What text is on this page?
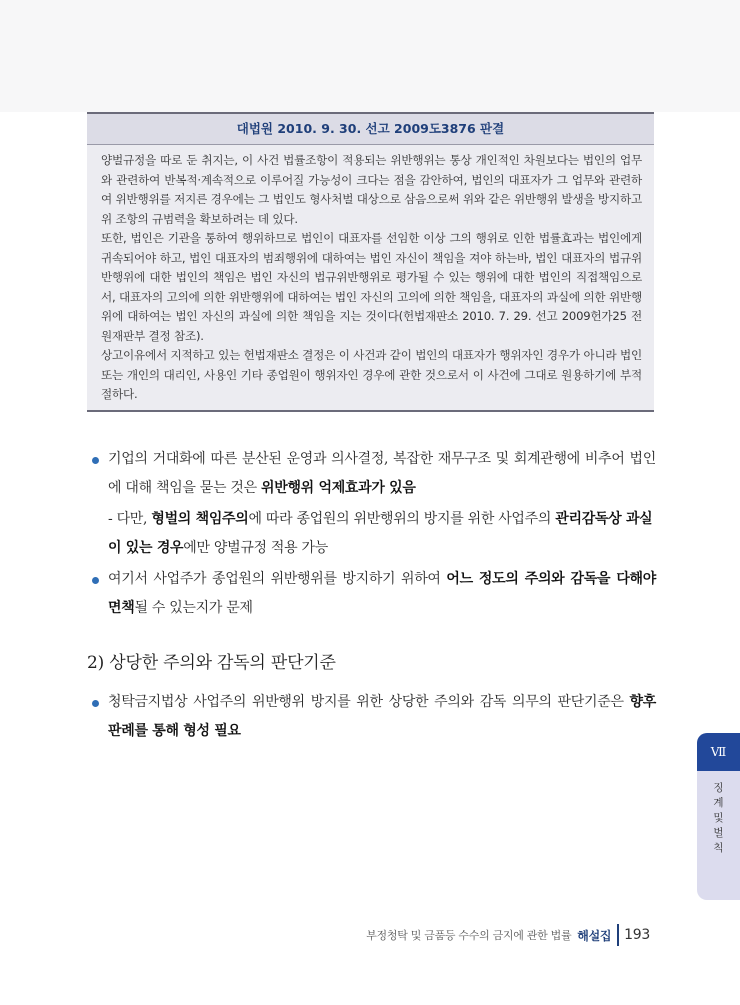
대법원 2010. 9. 30. 선고 2009도3876 판결

양벌규정을 따로 둔 취지는, 이 사건 법률조항이 적용되는 위반행위는 통상 개인적인 차원보다는 법인의 업무와 관련하여 반복적·계속적으로 이루어질 가능성이 크다는 점을 감안하여, 법인의 대표자가 그 업무와 관련하여 위반행위를 저지른 경우에는 그 법인도 형사처벌 대상으로 삼음으로써 위와 같은 위반행위 발생을 방지하고 위 조항의 규범력을 확보하려는 데 있다.

또한, 법인은 기관을 통하여 행위하므로 법인이 대표자를 선임한 이상 그의 행위로 인한 법률효과는 법인에게 귀속되어야 하고, 법인 대표자의 범죄행위에 대하여는 법인 자신이 책임을 져야 하는바, 법인 대표자의 법규위반행위에 대한 법인의 책임은 법인 자신의 법규위반행위로 평가될 수 있는 행위에 대한 법인의 직접책임으로서, 대표자의 고의에 의한 위반행위에 대하여는 법인 자신의 고의에 의한 책임을, 대표자의 과실에 의한 위반행위에 대하여는 법인 자신의 과실에 의한 책임을 지는 것이다(헌법재판소 2010. 7. 29. 선고 2009헌가25 전원재판부 결정 참조).

상고이유에서 지적하고 있는 헌법재판소 결정은 이 사건과 같이 법인의 대표자가 행위자인 경우가 아니라 법인 또는 개인의 대리인, 사용인 기타 종업원이 행위자인 경우에 관한 것으로서 이 사건에 그대로 원용하기에 부적절하다.

기업의 거대화에 따른 분산된 운영과 의사결정, 복잡한 재무구조 및 회계관행에 비추어 법인에 대해 책임을 묻는 것은 위반행위 억제효과가 있음
- 다만, 형벌의 책임주의에 따라 종업원의 위반행위의 방지를 위한 사업주의 관리감독상 과실이 있는 경우에만 양벌규정 적용 가능
여기서 사업주가 종업원의 위반행위를 방지하기 위하여 어느 정도의 주의와 감독을 다해야 면책될 수 있는지가 문제
2) 상당한 주의와 감독의 판단기준
청탁금지법상 사업주의 위반행위 방지를 위한 상당한 주의와 감독 의무의 판단기준은 향후 판례를 통해 형성 필요
Ⅶ
징
계
및
벌
칙
부정청탁 및 금품등 수수의 금지에 관한 법률 해설집 193
